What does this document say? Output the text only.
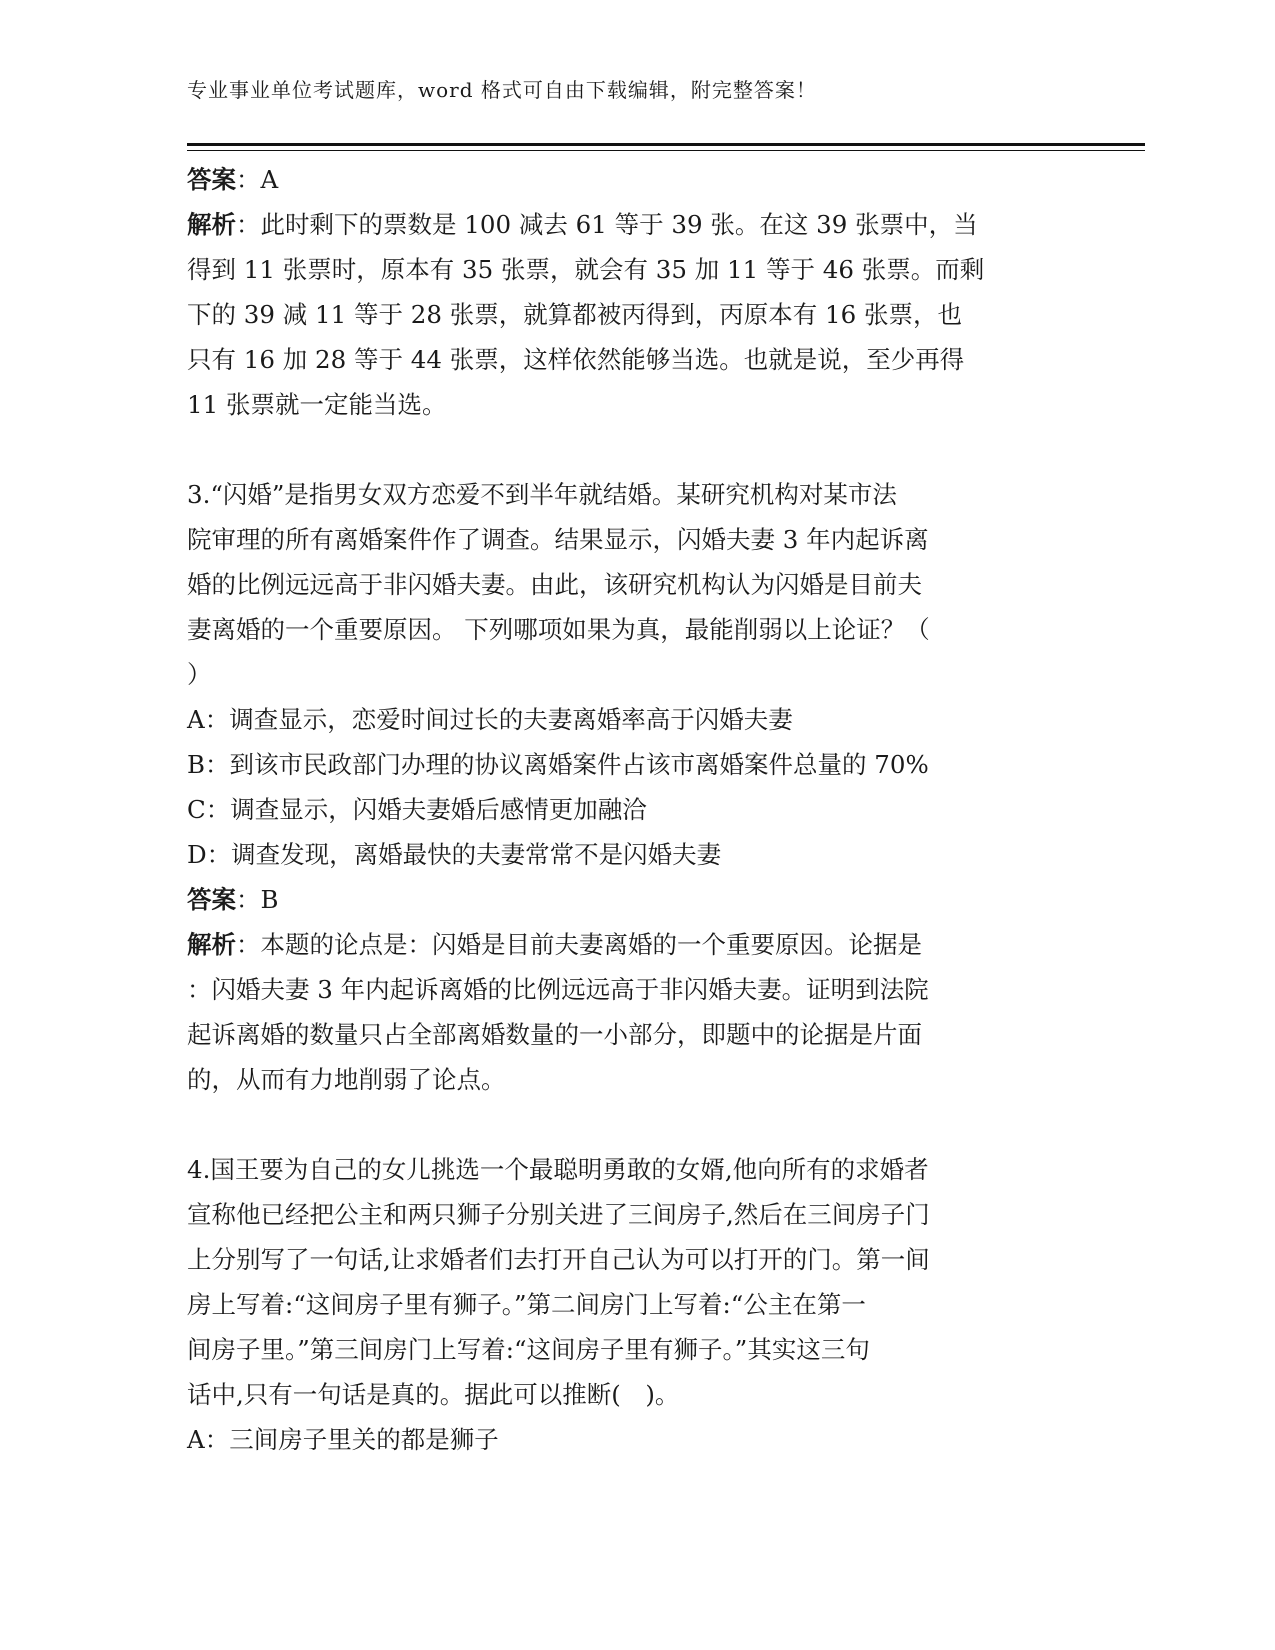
专业事业单位考试题库，word 格式可自由下载编辑，附完整答案！
答案：A
解析：此时剩下的票数是 100 减去 61 等于 39 张。在这 39 张票中，当
得到 11 张票时，原本有 35 张票，就会有 35 加 11 等于 46 张票。而剩
下的 39 减 11 等于 28 张票，就算都被丙得到，丙原本有 16 张票，也
只有 16 加 28 等于 44 张票，这样依然能够当选。也就是说，至少再得
11 张票就一定能当选。
3.“闪婚”是指男女双方恋爱不到半年就结婚。某研究机构对某市法
院审理的所有离婚案件作了调查。结果显示，闪婚夫妻 3 年内起诉离
婚的比例远远高于非闪婚夫妻。由此，该研究机构认为闪婚是目前夫
妻离婚的一个重要原因。 下列哪项如果为真，最能削弱以上论证？（
）
A：调查显示，恋爱时间过长的夫妻离婚率高于闪婚夫妻
B：到该市民政部门办理的协议离婚案件占该市离婚案件总量的 70%
C：调查显示，闪婚夫妻婚后感情更加融洽
D：调查发现，离婚最快的夫妻常常不是闪婚夫妻
答案：B
解析：本题的论点是：闪婚是目前夫妻离婚的一个重要原因。论据是
：闪婚夫妻 3 年内起诉离婚的比例远远高于非闪婚夫妻。证明到法院
起诉离婚的数量只占全部离婚数量的一小部分，即题中的论据是片面
的，从而有力地削弱了论点。
4.国王要为自己的女儿挑选一个最聪明勇敢的女婿,他向所有的求婚者
宣称他已经把公主和两只狮子分别关进了三间房子,然后在三间房子门
上分别写了一句话,让求婚者们去打开自己认为可以打开的门。第一间
房上写着:“这间房子里有狮子。”第二间房门上写着:“公主在第一
间房子里。”第三间房门上写着:“这间房子里有狮子。”其实这三句
话中,只有一句话是真的。据此可以推断(　)。
A：三间房子里关的都是狮子
